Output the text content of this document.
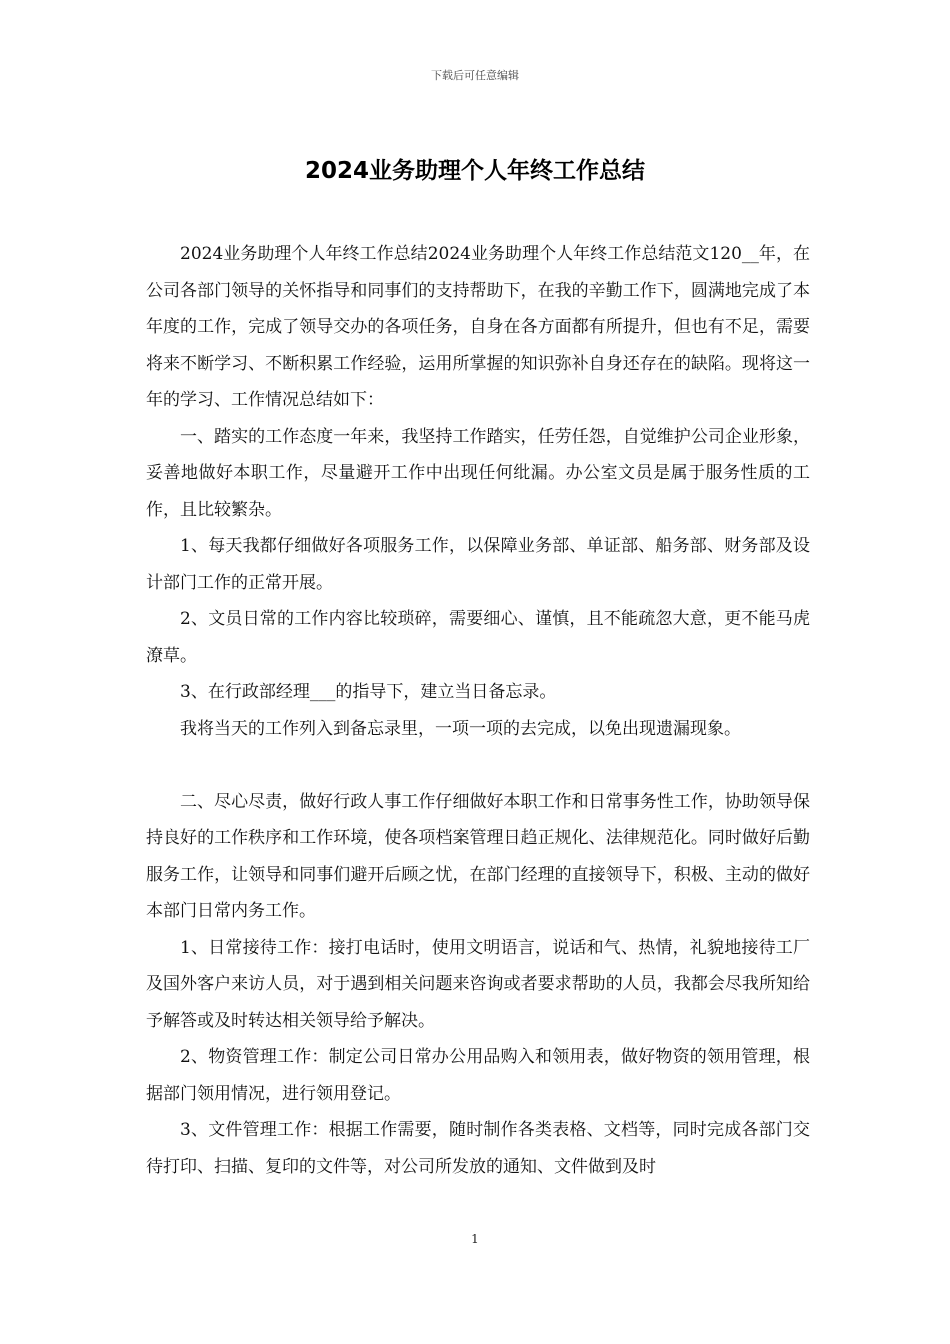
下载后可任意编辑
2024业务助理个人年终工作总结

2024业务助理个人年终工作总结2024业务助理个人年终工作总结范文120__年，在公司各部门领导的关怀指导和同事们的支持帮助下，在我的辛勤工作下，圆满地完成了本年度的工作，完成了领导交办的各项任务，自身在各方面都有所提升，但也有不足，需要将来不断学习、不断积累工作经验，运用所掌握的知识弥补自身还存在的缺陷。现将这一年的学习、工作情况总结如下：

一、踏实的工作态度一年来，我坚持工作踏实，任劳任怨，自觉维护公司企业形象，妥善地做好本职工作，尽量避开工作中出现任何纰漏。办公室文员是属于服务性质的工作，且比较繁杂。

1、每天我都仔细做好各项服务工作，以保障业务部、单证部、船务部、财务部及设计部门工作的正常开展。

2、文员日常的工作内容比较琐碎，需要细心、谨慎，且不能疏忽大意，更不能马虎潦草。

3、在行政部经理___的指导下，建立当日备忘录。

我将当天的工作列入到备忘录里，一项一项的去完成，以免出现遗漏现象。

二、尽心尽责，做好行政人事工作仔细做好本职工作和日常事务性工作，协助领导保持良好的工作秩序和工作环境，使各项档案管理日趋正规化、法律规范化。同时做好后勤服务工作，让领导和同事们避开后顾之忧，在部门经理的直接领导下，积极、主动的做好本部门日常内务工作。

1、日常接待工作：接打电话时，使用文明语言，说话和气、热情，礼貌地接待工厂及国外客户来访人员，对于遇到相关问题来咨询或者要求帮助的人员，我都会尽我所知给予解答或及时转达相关领导给予解决。

2、物资管理工作：制定公司日常办公用品购入和领用表，做好物资的领用管理，根据部门领用情况，进行领用登记。

3、文件管理工作：根据工作需要，随时制作各类表格、文档等，同时完成各部门交待打印、扫描、复印的文件等，对公司所发放的通知、文件做到及时

1
